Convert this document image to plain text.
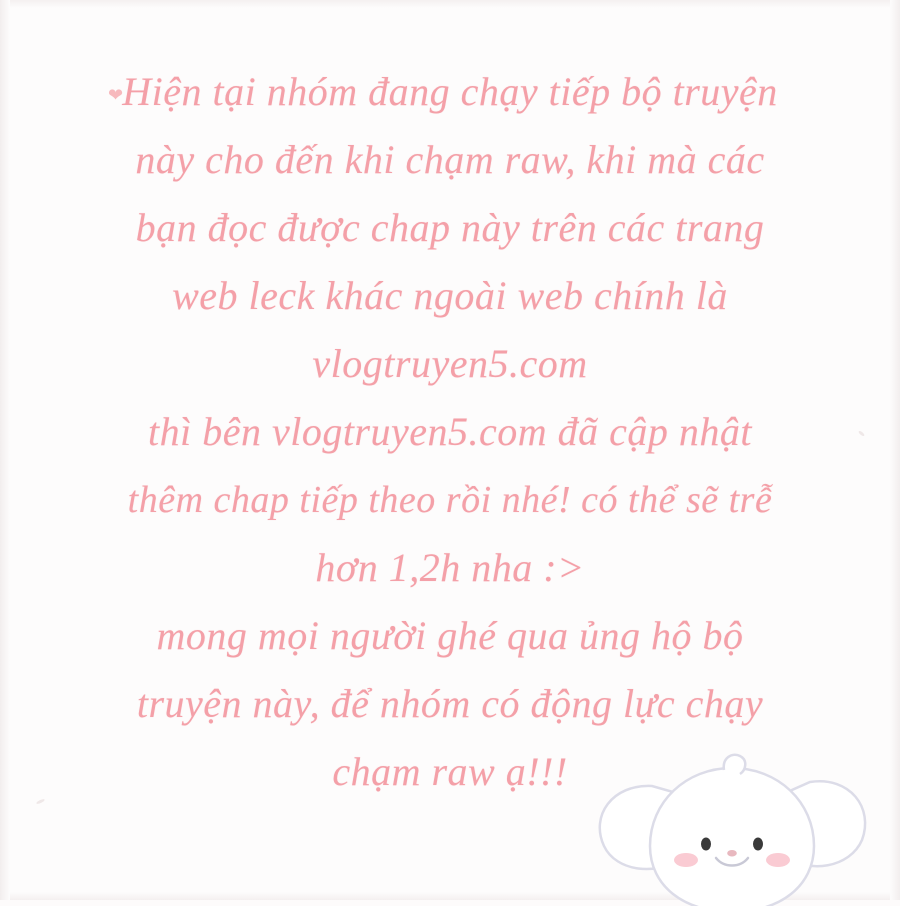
❤ Hiện tại nhóm đang chạy tiếp bộ truyện
này cho đến khi chạm raw, khi mà các
bạn đọc được chap này trên các trang
web leck khác ngoài web chính là
vlogtruyen5.com
thì bên vlogtruyen5.com đã cập nhật
thêm chap tiếp theo rồi nhé! có thể sẽ trễ
hơn 1,2h nha :>
mong mọi người ghé qua ủng hộ bộ
truyện này, để nhóm có động lực chạy
chạm raw ạ!!!
